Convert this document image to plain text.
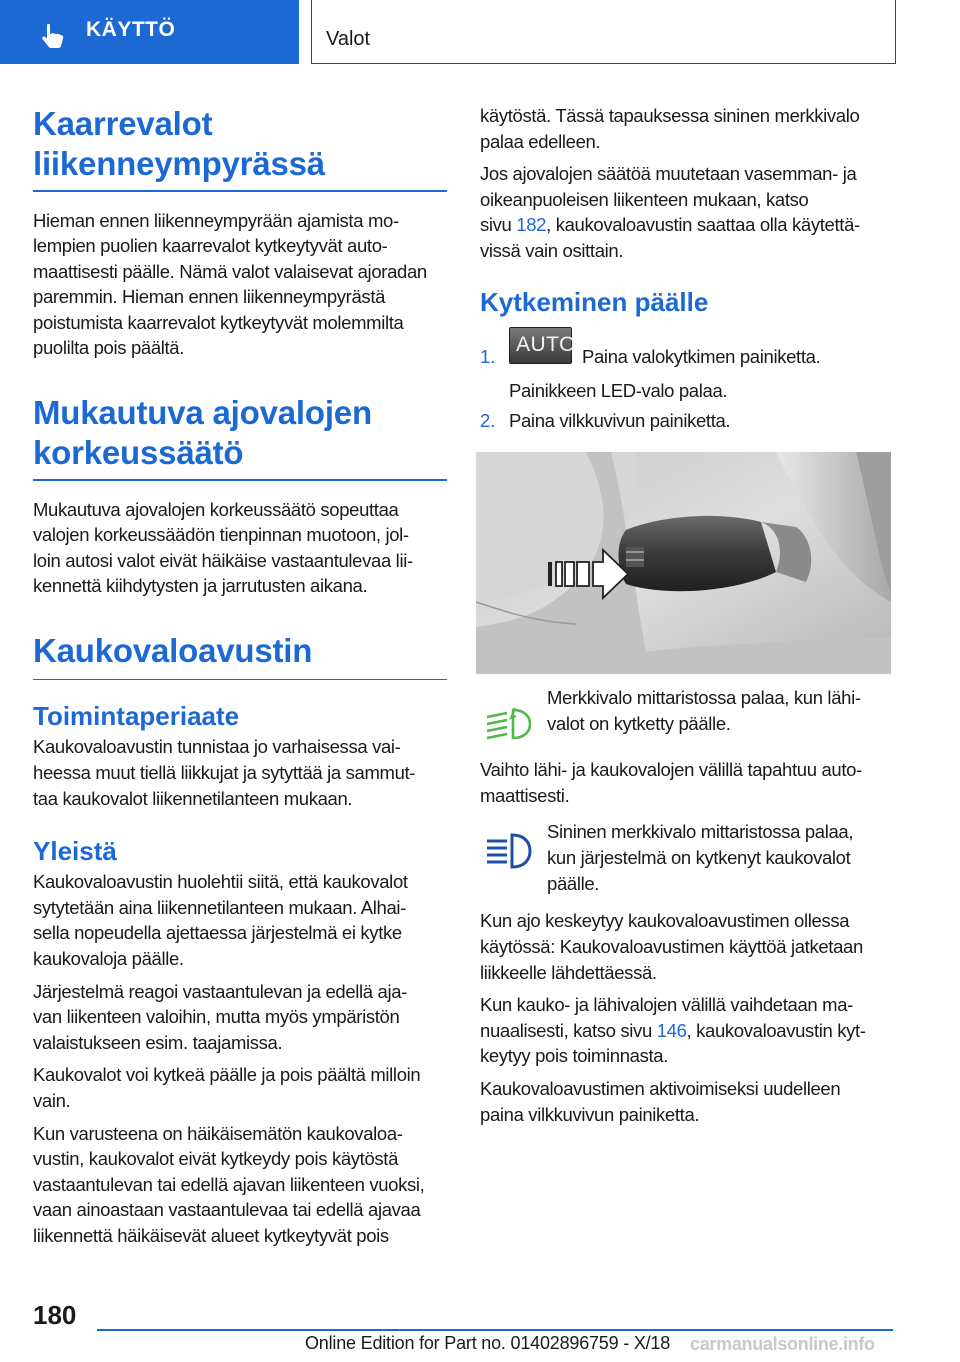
KÄYTTÖ	Valot
Kaarrevalot
liikenneympyrässä

Hieman ennen liikenneympyrään ajamista mo-
lempien puolien kaarrevalot kytkeytyvät auto-
maattisesti päälle. Nämä valot valaisevat ajoradan
paremmin. Hieman ennen liikenneympyrästä
poistumista kaarrevalot kytkeytyvät molemmilta
puolilta pois päältä.

Mukautuva ajovalojen
korkeussäätö

Mukautuva ajovalojen korkeussäätö sopeuttaa
valojen korkeussäädön tienpinnan muotoon, jol-
loin autosi valot eivät häikäise vastaantulevaa lii-
kennettä kiihdytysten ja jarrutusten aikana.

Kaukovaloavustin
Toimintaperiaate

Kaukovaloavustin tunnistaa jo varhaisessa vai-
heessa muut tiellä liikkujat ja sytyttää ja sammut-
taa kaukovalot liikennetilanteen mukaan.

Yleistä

Kaukovaloavustin huolehtii siitä, että kaukovalot
sytytetään aina liikennetilanteen mukaan. Alhai-
sella nopeudella ajettaessa järjestelmä ei kytke
kaukovaloja päälle.

Järjestelmä reagoi vastaantulevan ja edellä aja-
van liikenteen valoihin, mutta myös ympäristön
valaistukseen esim. taajamissa.

Kaukovalot voi kytkeä päälle ja pois päältä milloin
vain.

Kun varusteena on häikäisemätön kaukovaloa-
vustin, kaukovalot eivät kytkeydy pois käytöstä
vastaantulevan tai edellä ajavan liikenteen vuoksi,
vaan ainoastaan vastaantulevaa tai edellä ajavaa
liikennettä häikäisevät alueet kytkeytyvät pois

käytöstä. Tässä tapauksessa sininen merkkivalo
palaa edelleen.

Jos ajovalojen säätöä muutetaan vasemman- ja
oikeanpuoleisen liikenteen mukaan, katso
sivu 182, kaukovaloavustin saattaa olla käytettä-
vissä vain osittain.

Kytkeminen päälle
1.
AUTO
Paina valokytkimen painiketta.

Painikkeen LED-valo palaa.

2. Paina vilkkuvivun painiketta.

Merkkivalo mittaristossa palaa, kun lähi-
valot on kytketty päälle.

Vaihto lähi- ja kaukovalojen välillä tapahtuu auto-
maattisesti.

Sininen merkkivalo mittaristossa palaa,
kun järjestelmä on kytkenyt kaukovalot
päälle.

Kun ajo keskeytyy kaukovaloavustimen ollessa
käytössä: Kaukovaloavustimen käyttöä jatketaan
liikkeelle lähdettäessä.

Kun kauko- ja lähivalojen välillä vaihdetaan ma-
nuaalisesti, katso sivu 146, kaukovaloavustin kyt-
keytyy pois toiminnasta.

Kaukovaloavustimen aktivoimiseksi uudelleen
paina vilkkuvivun painiketta.

180
Online Edition for Part no. 01402896759 - X/18 carmanualsonline.info
